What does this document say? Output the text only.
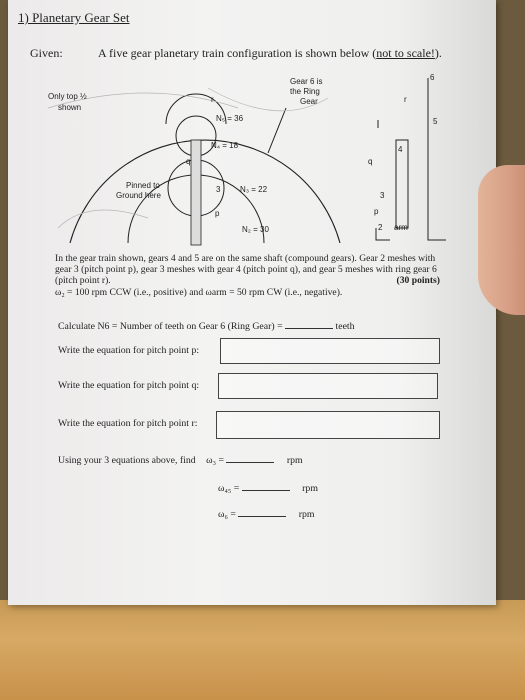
1) Planetary Gear Set
Given:	A five gear planetary train configuration is shown below (not to scale!).
Only top ½
shown
Gear 6 is
the Ring
Gear
r
N₅ = 36
N₄ = 18
q
3 N₃ = 22
Pinned to
Ground here
p
N₂ = 30
6
5
4
3
2 arm
r
q
p
In the gear train shown, gears 4 and 5 are on the same shaft (compound gears). Gear 2 meshes with gear 3 (pitch point p), gear 3 meshes with gear 4 (pitch point q), and gear 5 meshes with ring gear 6 (pitch point r).	(30 points)

ω₂ = 100 rpm CCW (i.e., positive) and ωarm = 50 rpm CW (i.e., negative).
Calculate N6 = Number of teeth on Gear 6 (Ring Gear) =	teeth
Write the equation for pitch point p:
Write the equation for pitch point q:
Write the equation for pitch point r:
Using your 3 equations above, find ω₃ =	rpm
ω₄₅ =	rpm
ω₆ =	rpm
